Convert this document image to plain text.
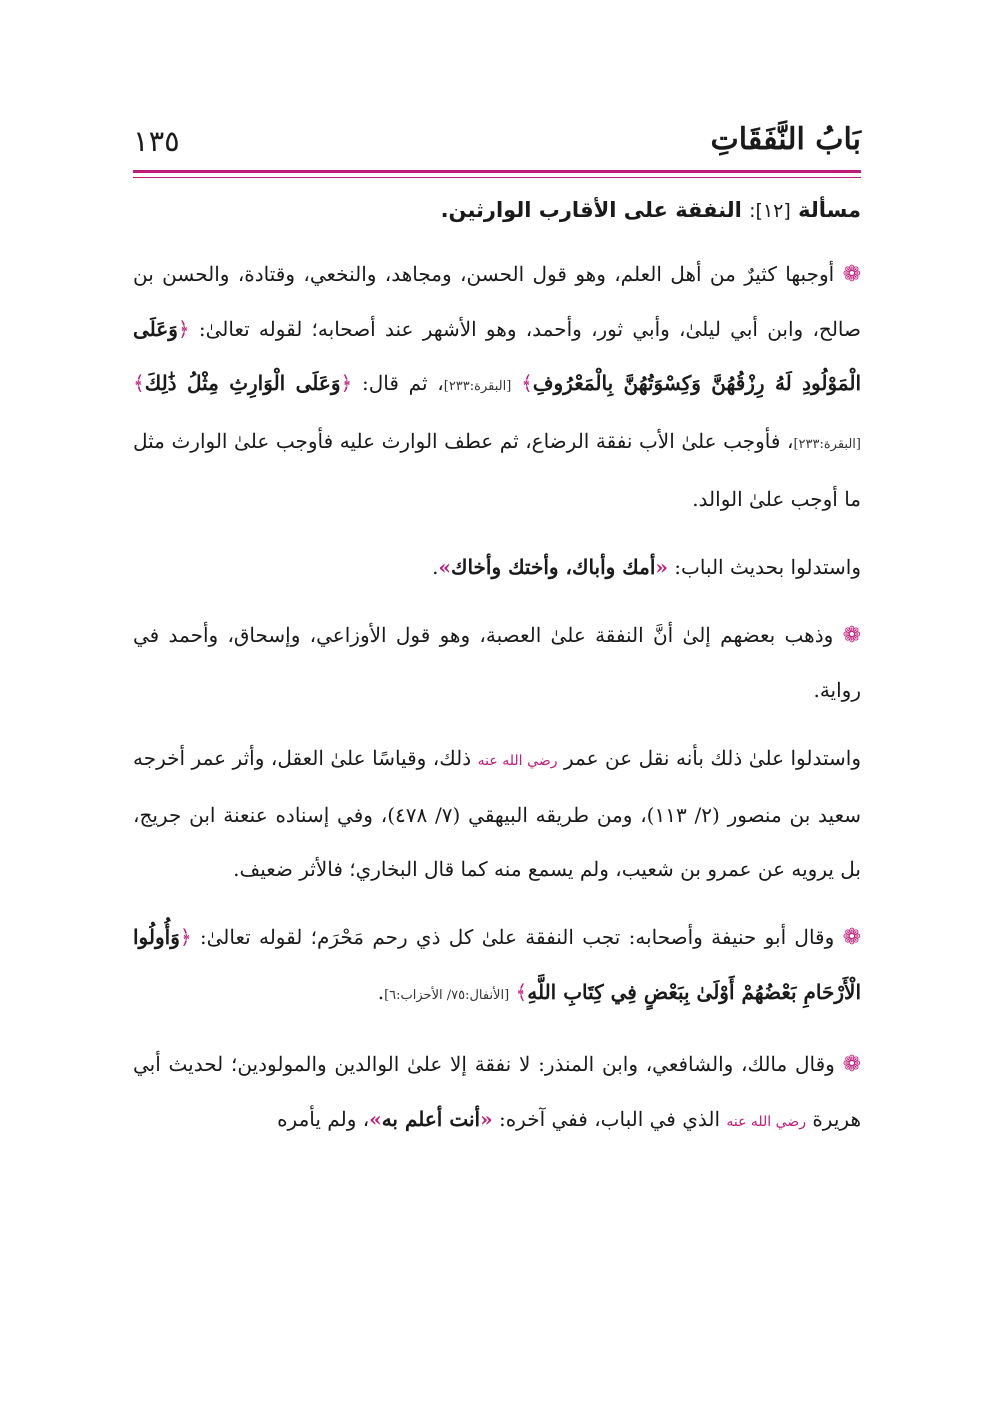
بَابُ النَّفَقَاتِ
١٣٥
مسألة [١٢]: النفقة على الأقارب الوارثين.

❁ أوجبها كثيرٌ من أهل العلم، وهو قول الحسن، ومجاهد، والنخعي، وقتادة، والحسن بن صالح، وابن أبي ليلىٰ، وأبي ثور، وأحمد، وهو الأشهر عند أصحابه؛ لقوله تعالىٰ: ﴿وَعَلَى الْمَوْلُودِ لَهُ رِزْقُهُنَّ وَكِسْوَتُهُنَّ بِالْمَعْرُوفِ﴾ [البقرة:٢٣٣]، ثم قال: ﴿وَعَلَى الْوَارِثِ مِثْلُ ذَٰلِكَ﴾ [البقرة:٢٣٣]، فأوجب علىٰ الأب نفقة الرضاع، ثم عطف الوارث عليه فأوجب علىٰ الوارث مثل ما أوجب علىٰ الوالد.

واستدلوا بحديث الباب: «أمك وأباك، وأختك وأخاك».

❁ وذهب بعضهم إلىٰ أنَّ النفقة علىٰ العصبة، وهو قول الأوزاعي، وإسحاق، وأحمد في رواية.

واستدلوا علىٰ ذلك بأنه نقل عن عمر رضي الله عنه ذلك، وقياسًا علىٰ العقل، وأثر عمر أخرجه سعيد بن منصور (٢/ ١١٣)، ومن طريقه البيهقي (٧/ ٤٧٨)، وفي إسناده عنعنة ابن جريج، بل يرويه عن عمرو بن شعيب، ولم يسمع منه كما قال البخاري؛ فالأثر ضعيف.

❁ وقال أبو حنيفة وأصحابه: تجب النفقة علىٰ كل ذي رحم مَحْرَم؛ لقوله تعالىٰ: ﴿وَأُولُوا الْأَرْحَامِ بَعْضُهُمْ أَوْلَىٰ بِبَعْضٍ فِي كِتَابِ اللَّهِ﴾ [الأنفال:٧٥/ الأحزاب:٦].

❁ وقال مالك، والشافعي، وابن المنذر: لا نفقة إلا علىٰ الوالدين والمولودين؛ لحديث أبي هريرة رضي الله عنه الذي في الباب، ففي آخره: «أنت أعلم به»، ولم يأمره
